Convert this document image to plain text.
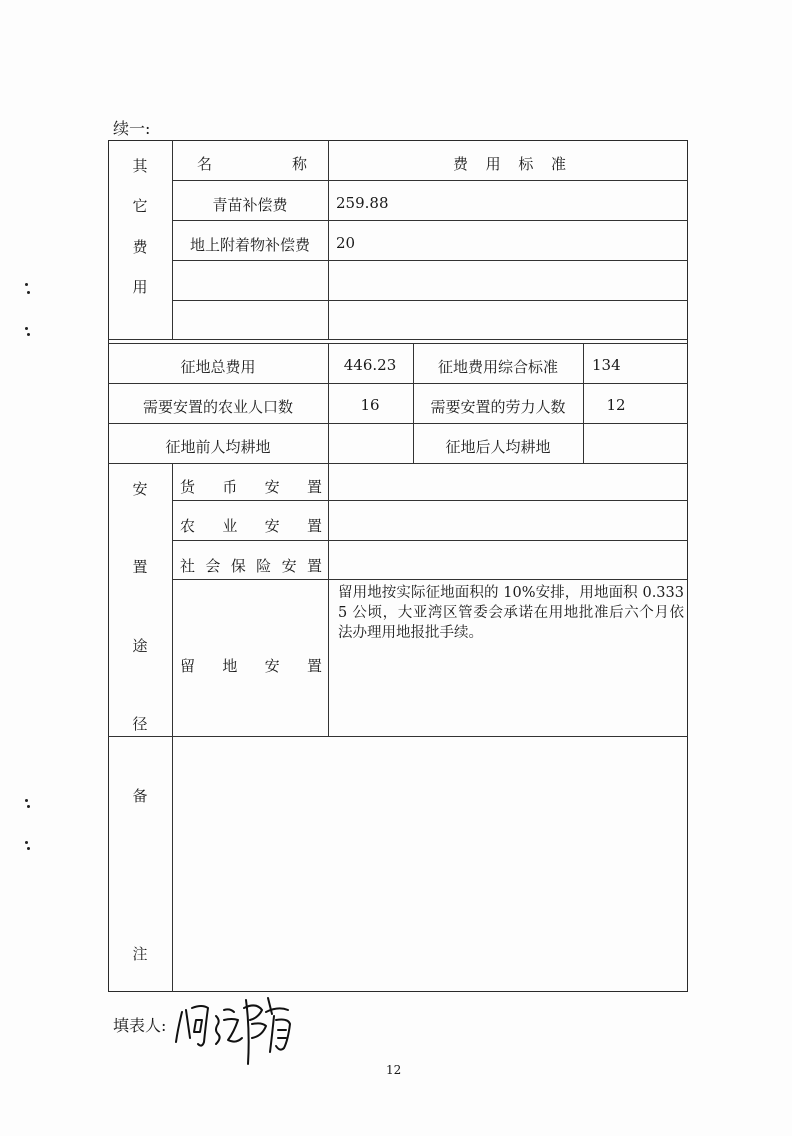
续一:
其
它
费
用
名	称	费 用 标 准
青苗补偿费	259.88
地上附着物补偿费 20
征地总费用	446.23	征地费用综合标准 134
需要安置的农业人口数	16	需要安置的劳力人数	12
征地前人均耕地	征地后人均耕地
安
置
途
径
货 币 安 置
农 业 安 置
社 会 保 险 安 置
留 地 安 置
留用地按实际征地面积的 10%安排，用地面积 0.3335 公顷，大亚湾区管委会承诺在用地批准后六个月依法办理用地报批手续。
备
注
填表人:
12
